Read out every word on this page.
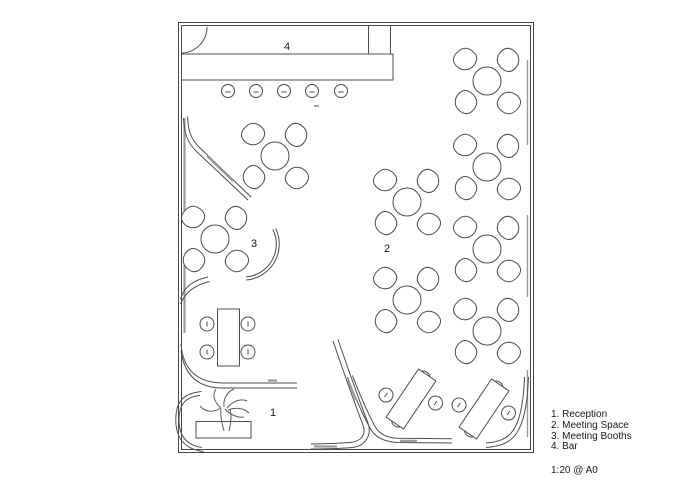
1
2
3
4
1. Reception
2. Meeting Space
3. Meeting Booths
4. Bar
1:20 @ A0
